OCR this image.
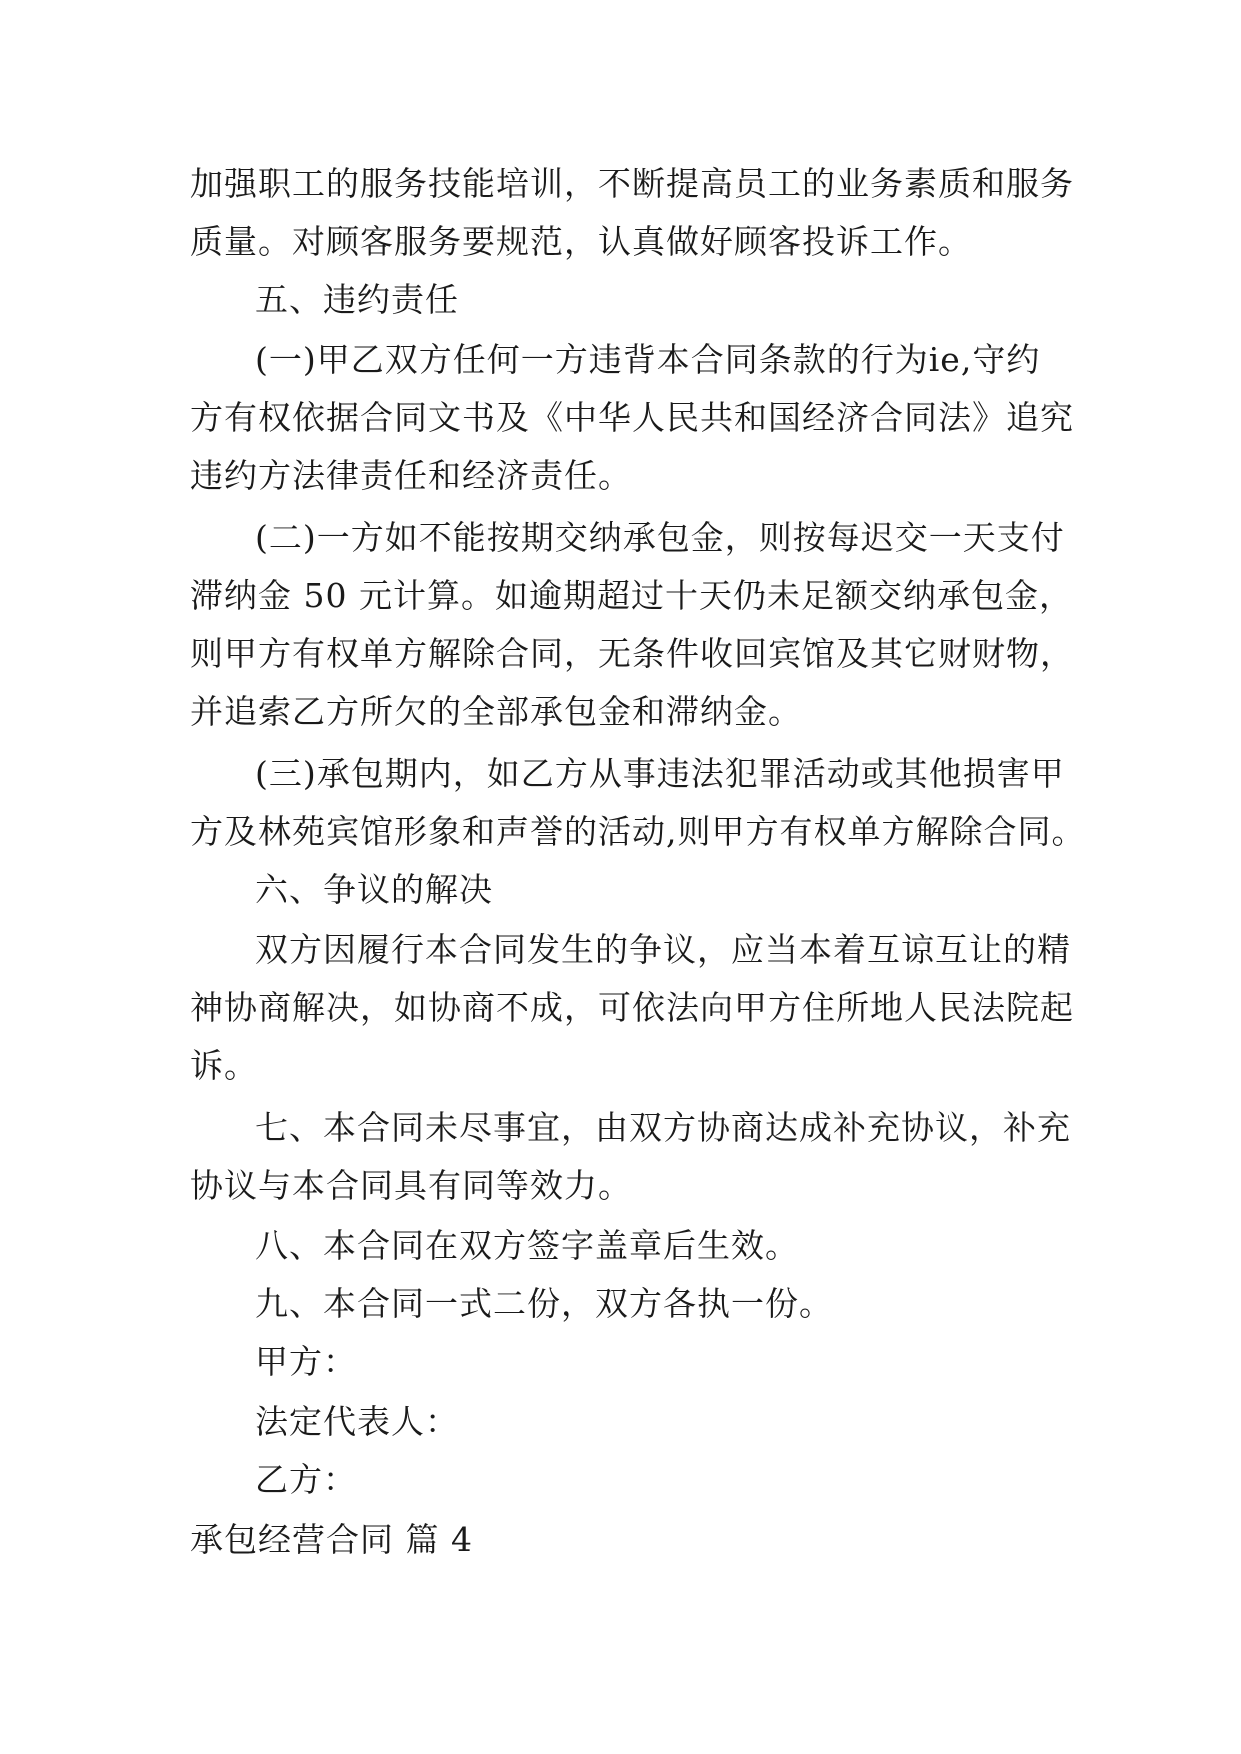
加强职工的服务技能培训，不断提高员工的业务素质和服务
质量。对顾客服务要规范，认真做好顾客投诉工作。
五、违约责任
(一)甲乙双方任何一方违背本合同条款的行为ie,守约
方有权依据合同文书及《中华人民共和国经济合同法》追究
违约方法律责任和经济责任。
(二)一方如不能按期交纳承包金，则按每迟交一天支付
滞纳金 50 元计算。如逾期超过十天仍未足额交纳承包金，
则甲方有权单方解除合同，无条件收回宾馆及其它财财物，
并追索乙方所欠的全部承包金和滞纳金。
(三)承包期内，如乙方从事违法犯罪活动或其他损害甲
方及林苑宾馆形象和声誉的活动,则甲方有权单方解除合同。
六、争议的解决
双方因履行本合同发生的争议，应当本着互谅互让的精
神协商解决，如协商不成，可依法向甲方住所地人民法院起
诉。
七、本合同未尽事宜，由双方协商达成补充协议，补充
协议与本合同具有同等效力。
八、本合同在双方签字盖章后生效。
九、本合同一式二份，双方各执一份。
甲方：
法定代表人：
乙方：
承包经营合同 篇 4
